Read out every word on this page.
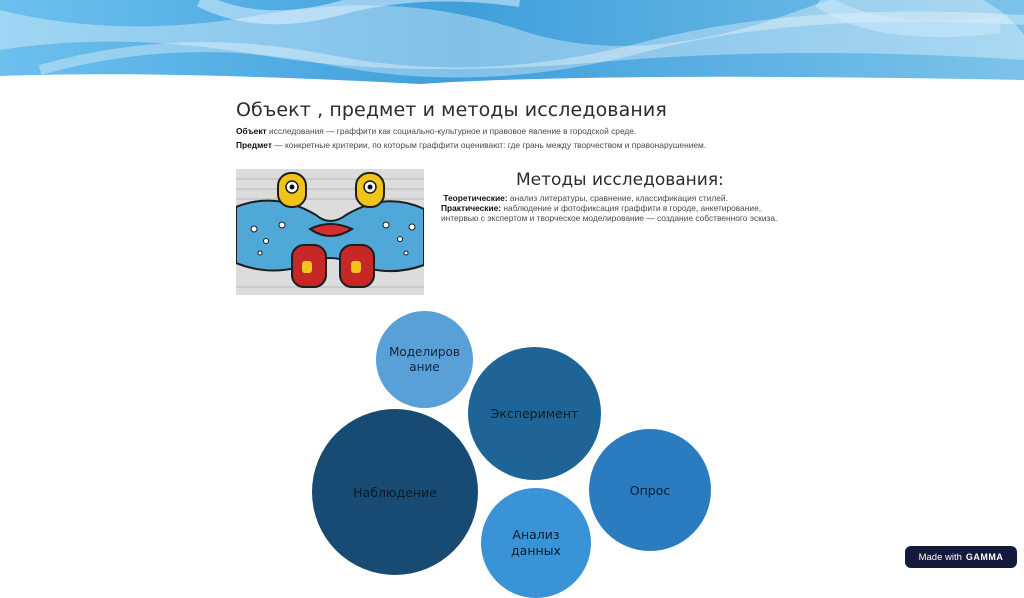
Объект , предмет и методы исследования
Объект исследования — граффити как социально-культурное и правовое явление в городской среде.
Предмет — конкретные критерии, по которым граффити оценивают: где грань между творчеством и правонарушением.
Методы исследования:
Теоретические: анализ литературы, сравнение, классификация стилей.
Практические: наблюдение и фотофиксация граффити в городе, анкетирование, интервью с экспертом и творческое моделирование — создание собственного эскиза.
Моделирование
Эксперимент
Наблюдение	Опрос
Анализ данных	Made with GAMMA
